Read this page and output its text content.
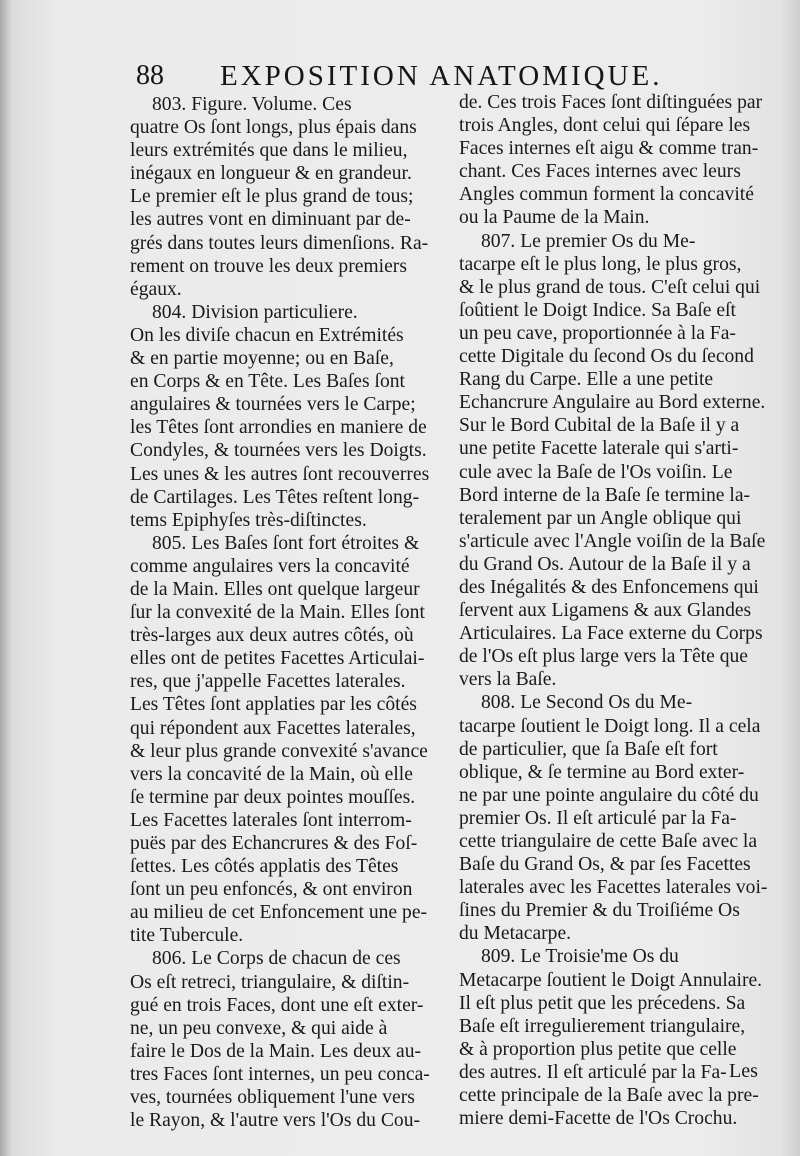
88 EXPOSITION ANATOMIQUE.
803. Figure. Volume. Ces
quatre Os ſont longs, plus épais dans
leurs extrémités que dans le milieu,
inégaux en longueur & en grandeur.
Le premier eſt le plus grand de tous;
les autres vont en diminuant par de-
grés dans toutes leurs dimenſions. Ra-
rement on trouve les deux premiers
égaux.
804. Division particuliere.
On les diviſe chacun en Extrémités
& en partie moyenne; ou en Baſe,
en Corps & en Tête. Les Baſes ſont
angulaires & tournées vers le Carpe;
les Têtes ſont arrondies en maniere de
Condyles, & tournées vers les Doigts.
Les unes & les autres ſont recouverres
de Cartilages. Les Têtes reſtent long-
tems Epiphyſes très-diſtinctes.
805. Les Baſes ſont fort étroites &
comme angulaires vers la concavité
de la Main. Elles ont quelque largeur
ſur la convexité de la Main. Elles ſont
très-larges aux deux autres côtés, où
elles ont de petites Facettes Articulai-
res, que j'appelle Facettes laterales.
Les Têtes ſont applaties par les côtés
qui répondent aux Facettes laterales,
& leur plus grande convexité s'avance
vers la concavité de la Main, où elle
ſe termine par deux pointes mouſſes.
Les Facettes laterales ſont interrom-
puës par des Echancrures & des Foſ-
ſettes. Les côtés applatis des Têtes
ſont un peu enfoncés, & ont environ
au milieu de cet Enfoncement une pe-
tite Tubercule.
806. Le Corps de chacun de ces
Os eſt retreci, triangulaire, & diſtin-
gué en trois Faces, dont une eſt exter-
ne, un peu convexe, & qui aide à
faire le Dos de la Main. Les deux au-
tres Faces ſont internes, un peu conca-
ves, tournées obliquement l'une vers
le Rayon, & l'autre vers l'Os du Cou-
de. Ces trois Faces ſont diſtinguées par
trois Angles, dont celui qui ſépare les
Faces internes eſt aigu & comme tran-
chant. Ces Faces internes avec leurs
Angles commun forment la concavité
ou la Paume de la Main.
807. Le premier Os du Me-
tacarpe eſt le plus long, le plus gros,
& le plus grand de tous. C'eſt celui qui
ſoûtient le Doigt Indice. Sa Baſe eſt
un peu cave, proportionnée à la Fa-
cette Digitale du ſecond Os du ſecond
Rang du Carpe. Elle a une petite
Echancrure Angulaire au Bord externe.
Sur le Bord Cubital de la Baſe il y a
une petite Facette laterale qui s'arti-
cule avec la Baſe de l'Os voiſin. Le
Bord interne de la Baſe ſe termine la-
teralement par un Angle oblique qui
s'articule avec l'Angle voiſin de la Baſe
du Grand Os. Autour de la Baſe il y a
des Inégalités & des Enfoncemens qui
ſervent aux Ligamens & aux Glandes
Articulaires. La Face externe du Corps
de l'Os eſt plus large vers la Tête que
vers la Baſe.
808. Le Second Os du Me-
tacarpe ſoutient le Doigt long. Il a cela
de particulier, que ſa Baſe eſt fort
oblique, & ſe termine au Bord exter-
ne par une pointe angulaire du côté du
premier Os. Il eſt articulé par la Fa-
cette triangulaire de cette Baſe avec la
Baſe du Grand Os, & par ſes Facettes
laterales avec les Facettes laterales voi-
ſines du Premier & du Troiſiéme Os
du Metacarpe.
809. Le Troisie'me Os du
Metacarpe ſoutient le Doigt Annulaire.
Il eſt plus petit que les précedens. Sa
Baſe eſt irregulierement triangulaire,
& à proportion plus petite que celle
des autres. Il eſt articulé par la Fa-
cette principale de la Baſe avec la pre-
miere demi-Facette de l'Os Crochu.
Les
